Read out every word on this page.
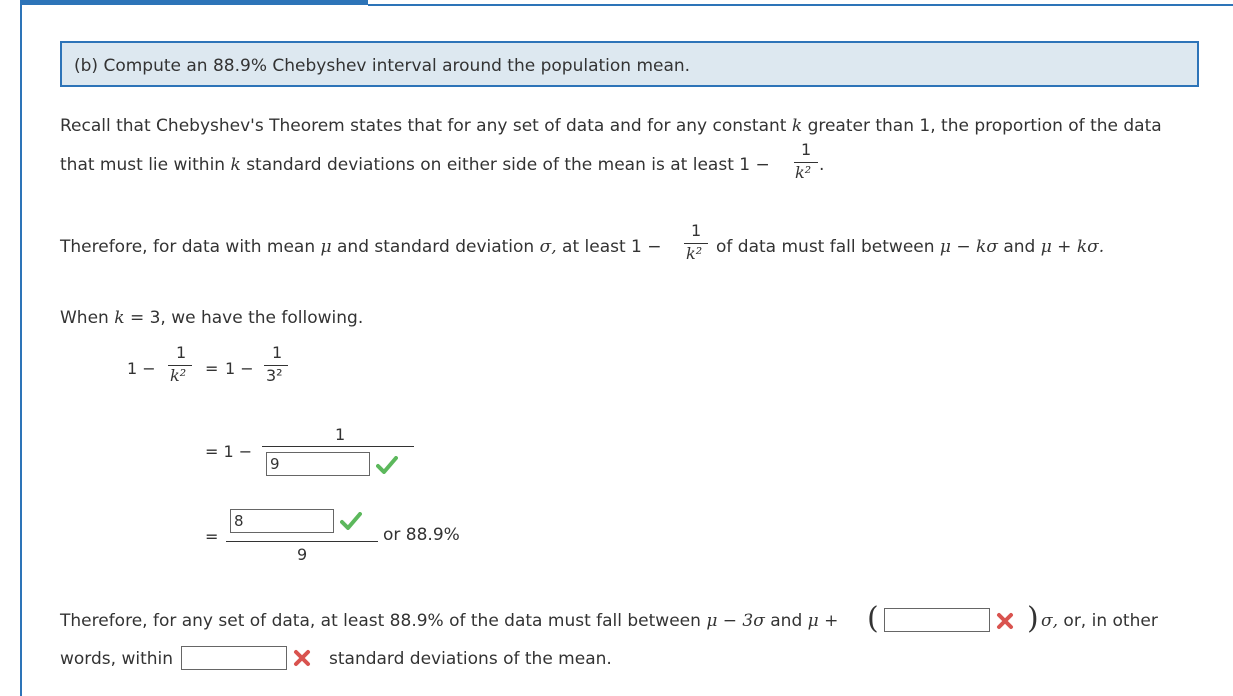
(b) Compute an 88.9% Chebyshev interval around the population mean.
Recall that Chebyshev's Theorem states that for any set of data and for any constant k greater than 1, the proportion of the data
that must lie within k standard deviations on either side of the mean is at least 1 −
1
k² .
Therefore, for data with mean μ and standard deviation σ, at least 1 −
1
k² of data must fall between μ − kσ and μ + kσ.
When k = 3, we have the following.
1 −
1
k² = 1 −
1
3²
= 1 −
1
9
=
8
9
or 88.9%
Therefore, for any set of data, at least 88.9% of the data must fall between μ − 3σ and μ + (	) σ, or, in other
words, within	standard deviations of the mean.
